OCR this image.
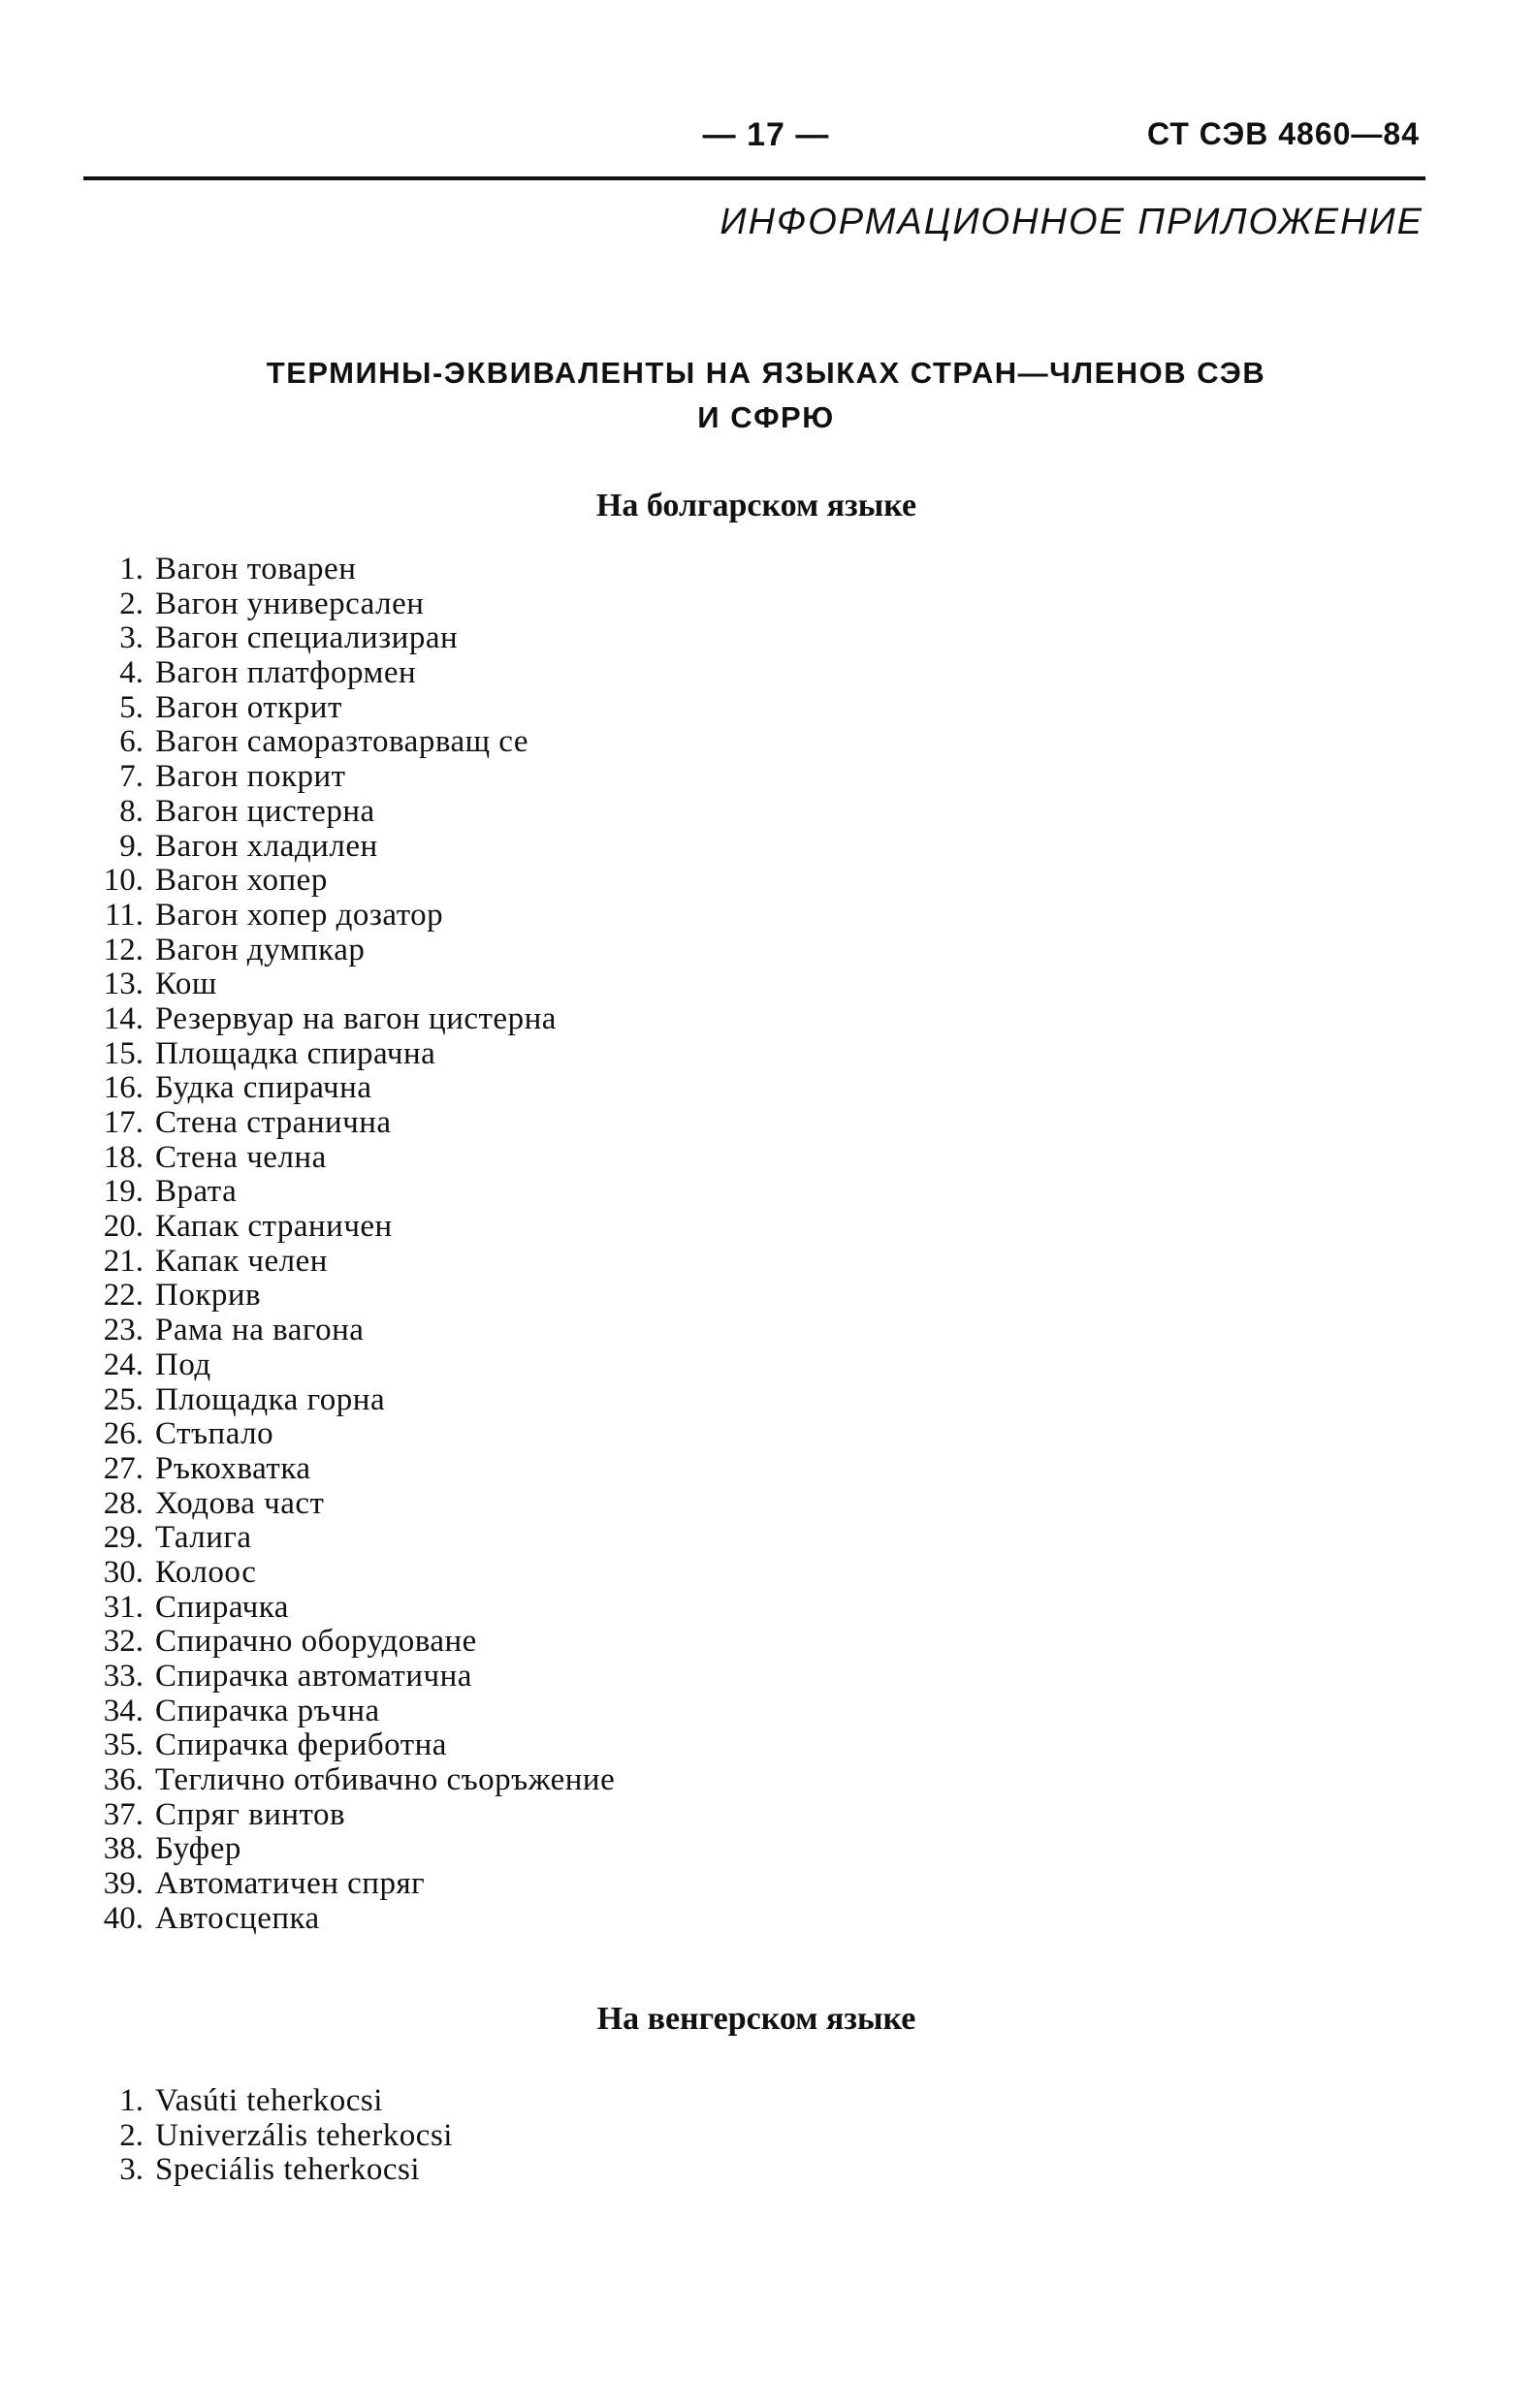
— 17 —	СТ СЭВ 4860—84
ИНФОРМАЦИОННОЕ ПРИЛОЖЕНИЕ
ТЕРМИНЫ-ЭКВИВАЛЕНТЫ НА ЯЗЫКАХ СТРАН—ЧЛЕНОВ СЭВ
И СФРЮ
На болгарском языке
1. Вагон товарен
2. Вагон универсален
3. Вагон специализиран
4. Вагон платформен
5. Вагон открит
6. Вагон саморазтоварващ се
7. Вагон покрит
8. Вагон цистерна
9. Вагон хладилен
10. Вагон хопер
11. Вагон хопер дозатор
12. Вагон думпкар
13. Кош
14. Резервуар на вагон цистерна
15. Площадка спирачна
16. Будка спирачна
17. Стена странична
18. Стена челна
19. Врата
20. Капак страничен
21. Капак челен
22. Покрив
23. Рама на вагона
24. Под
25. Площадка горна
26. Стъпало
27. Ръкохватка
28. Ходова част
29. Талига
30. Колоос
31. Спирачка
32. Спирачно оборудоване
33. Спирачка автоматична
34. Спирачка ръчна
35. Спирачка фериботна
36. Теглично отбивачно съоръжение
37. Спряг винтов
38. Буфер
39. Автоматичен спряг
40. Автосцепка
На венгерском языке
1. Vasúti teherkocsi
2. Univerzális teherkocsi
3. Speciális teherkocsi
